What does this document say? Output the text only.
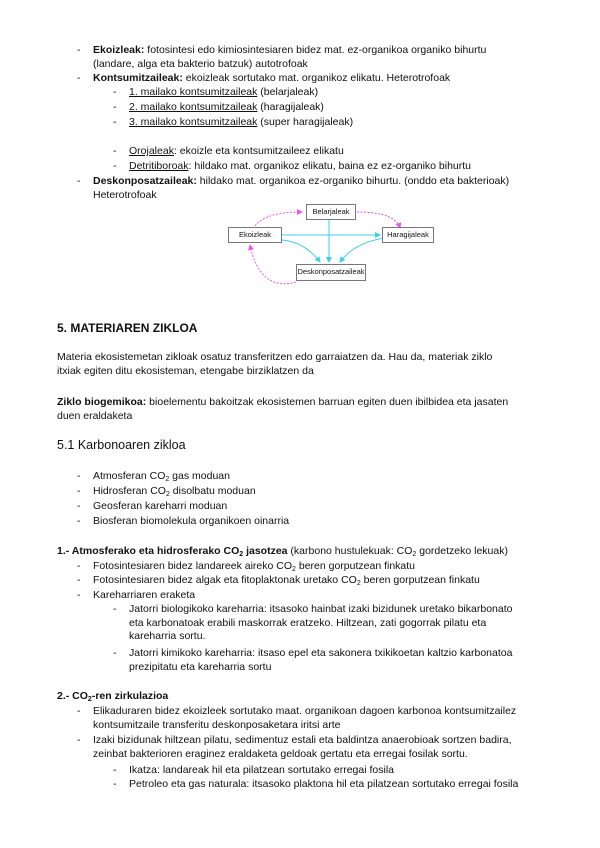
-	Ekoizleak: fotosintesi edo kimiosintesiaren bidez mat. ez-organikoa organiko bihurtu
(landare, alga eta bakterio batzuk) autotrofoak
-	Kontsumitzaileak: ekoizleak sortutako mat. organikoz elikatu. Heterotrofoak
-	1. mailako kontsumitzaileak (belarjaleak)
-	2. mailako kontsumitzaileak (haragijaleak)
-	3. mailako kontsumitzaileak (super haragijaleak)
-	Orojaleak: ekoizle eta kontsumitzaileez elikatu
-	Detritiboroak: hildako mat. organikoz elikatu, baina ez ez-organiko bihurtu
-	Deskonposatzaileak: hildako mat. organikoa ez-organiko bihurtu. (onddo eta bakterioak)
Heterotrofoak
Belarjaleak
Ekoizleak	Haragijaleak
Deskonposatzaileak
5. MATERIAREN ZIKLOA
Materia ekosistemetan zikloak osatuz transferitzen edo garraiatzen da. Hau da, materiak ziklo
itxiak egiten ditu ekosisteman, etengabe birziklatzen da
Ziklo biogemikoa: bioelementu bakoitzak ekosistemen barruan egiten duen ibilbidea eta jasaten
duen eraldaketa
5.1 Karbonoaren zikloa
-	Atmosferan $CO_2$ gas moduan
-	Hidrosferan $CO_2$ disolbatu moduan
-	Geosferan kareharri moduan
-	Biosferan biomolekula organikoen oinarria
1.- Atmosferako eta hidrosferako $CO_2$ jasotzea (karbono hustulekuak: $CO_2$ gordetzeko lekuak)
-	Fotosintesiaren bidez landareek aireko $CO_2$ beren gorputzean finkatu
-	Fotosintesiaren bidez algak eta fitoplaktonak uretako $CO_2$ beren gorputzean finkatu
-	Kareharriaren eraketa
-	Jatorri biologikoko kareharria: itsasoko hainbat izaki bizidunek uretako bikarbonato
eta karbonatoak erabili maskorrak eratzeko. Hiltzean, zati gogorrak pilatu eta
kareharria sortu.
-	Jatorri kimikoko kareharria: itsaso epel eta sakonera txikikoetan kaltzio karbonatoa
prezipitatu eta kareharria sortu
2.- $CO_2$-ren zirkulazioa
-	Elikaduraren bidez ekoizleek sortutako maat. organikoan dagoen karbonoa kontsumitzailez
kontsumitzaile transferitu deskonposaketara iritsi arte
-	Izaki bizidunak hiltzean pilatu, sedimentuz estali eta baldintza anaerobioak sortzen badira,
zeinbat bakterioren eraginez eraldaketa geldoak gertatu eta erregai fosilak sortu.
-	Ikatza: landareak hil eta pilatzean sortutako erregai fosila
-	Petroleo eta gas naturala: itsasoko plaktona hil eta pilatzean sortutako erregai fosila
